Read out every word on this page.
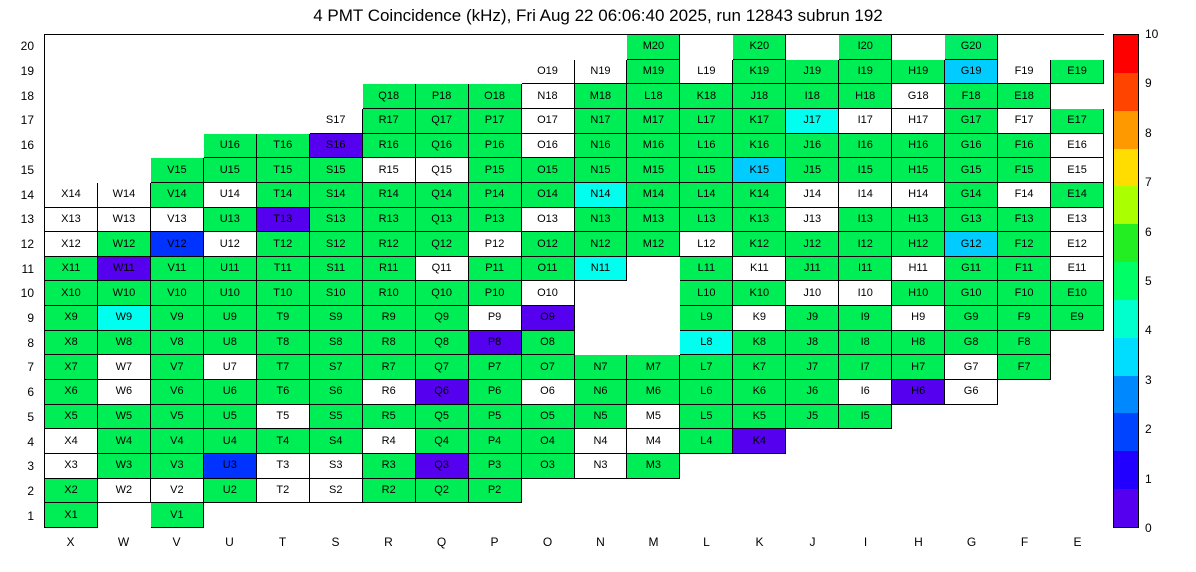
4 PMT Coincidence (kHz), Fri Aug 22 06:06:40 2025, run 12843 subrun 192
20
19
18
17
16
15
14
13
12
11
10
9
8
7
6
5
4
3
2
1
M20	K20	I20	G20
O19	N19	M19	L19	K19	J19	I19	H19	G19	F19	E19
Q18	P18	O18	N18	M18	L18	K18	J18	I18	H18	G18	F18	E18
S17	R17	Q17	P17	O17	N17	M17	L17	K17	J17	I17	H17	G17	F17	E17
U16	T16	S16	R16	Q16	P16	O16	N16	M16	L16	K16	J16	I16	H16	G16	F16	E16
V15	U15	T15	S15	R15	Q15	P15	O15	N15	M15	L15	K15	J15	I15	H15	G15	F15	E15
X14	W14	V14	U14	T14	S14	R14	Q14	P14	O14	N14	M14	L14	K14	J14	I14	H14	G14	F14	E14
X13	W13	V13	U13	T13	S13	R13	Q13	P13	O13	N13	M13	L13	K13	J13	I13	H13	G13	F13	E13
X12	W12	V12	U12	T12	S12	R12	Q12	P12	O12	N12	M12	L12	K12	J12	I12	H12	G12	F12	E12
X11	W11	V11	U11	T11	S11	R11	Q11	P11	O11	N11	L11	K11	J11	I11	H11	G11	F11	E11
X10	W10	V10	U10	T10	S10	R10	Q10	P10	O10	L10	K10	J10	I10	H10	G10	F10	E10
X9	W9	V9	U9	T9	S9	R9	Q9	P9	O9	L9	K9	J9	I9	H9	G9	F9	E9
X8	W8	V8	U8	T8	S8	R8	Q8	P8	O8	L8	K8	J8	I8	H8	G8	F8
X7	W7	V7	U7	T7	S7	R7	Q7	P7	O7	N7	M7	L7	K7	J7	I7	H7	G7	F7
X6	W6	V6	U6	T6	S6	R6	Q6	P6	O6	N6	M6	L6	K6	J6	I6	H6	G6
X5	W5	V5	U5	T5	S5	R5	Q5	P5	O5	N5	M5	L5	K5	J5	I5
X4	W4	V4	U4	T4	S4	R4	Q4	P4	O4	N4	M4	L4	K4
X3	W3	V3	U3	T3	S3	R3	Q3	P3	O3	N3	M3
X2	W2	V2	U2	T2	S2	R2	Q2	P2
X1	V1
X	W	V	U	T	S	R	Q	P	O	N	M	L	K	J	I	H	G	F	E
0
1
2
3
4
5
6
7
8
9
10
